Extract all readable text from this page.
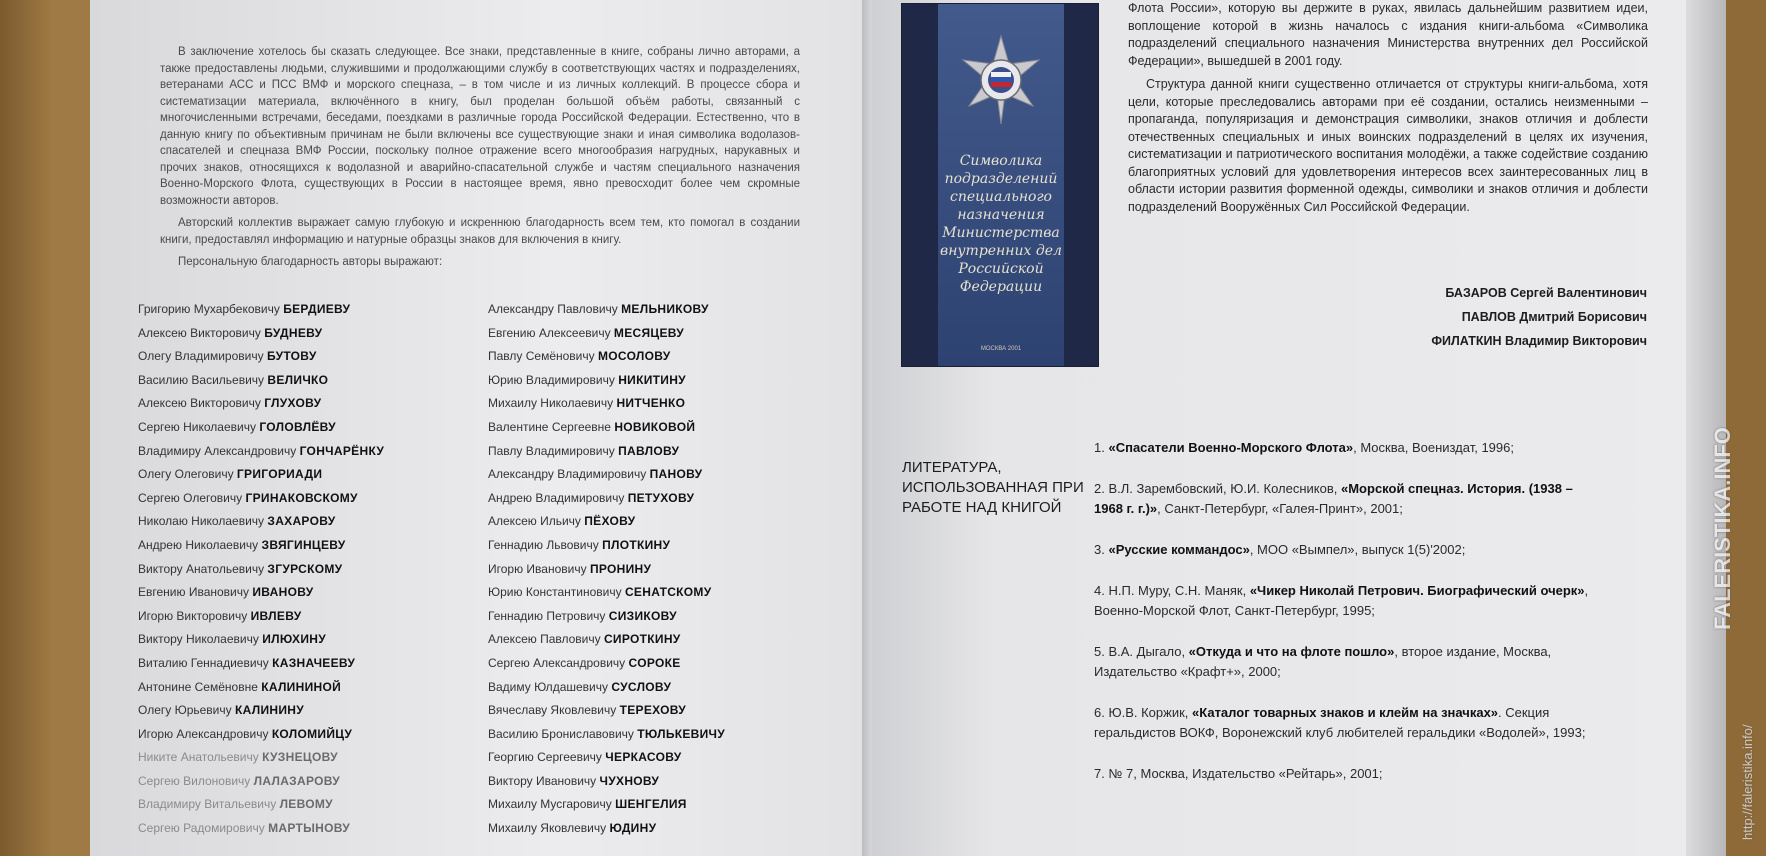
В заключение хотелось бы сказать следующее. Все знаки, представленные в книге, собраны лично авторами, а также предоставлены людьми, служившими и продолжающими службу в соответствующих частях и подразделениях, ветеранами АСС и ПСС ВМФ и морского спецназа, – в том числе и из личных коллекций. В процессе сбора и систематизации материала, включённого в книгу, был проделан большой объём работы, связанный с многочисленными встречами, беседами, поездками в различные города Российской Федерации. Естественно, что в данную книгу по объективным причинам не были включены все существующие знаки и иная символика водолазов-спасателей и спецназа ВМФ России, поскольку полное отражение всего многообразия нагрудных, нарукавных и прочих знаков, относящихся к водолазной и аварийно-спасательной службе и частям специального назначения Военно-Морского Флота, существующих в России в настоящее время, явно превосходит более чем скромные возможности авторов.

Авторский коллектив выражает самую глубокую и искреннюю благодарность всем тем, кто помогал в создании книги, предоставлял информацию и натурные образцы знаков для включения в книгу.

Персональную благодарность авторы выражают:

Григорию Мухарбековичу БЕРДИЕВУ
Алексею Викторовичу БУДНЕВУ
Олегу Владимировичу БУТОВУ
Василию Васильевичу ВЕЛИЧКО
Алексею Викторовичу ГЛУХОВУ
Сергею Николаевичу ГОЛОВЛЁВУ
Владимиру Александровичу ГОНЧАРЁНКУ
Олегу Олеговичу ГРИГОРИАДИ
Сергею Олеговичу ГРИНАКОВСКОМУ
Николаю Николаевичу ЗАХАРОВУ
Андрею Николаевичу ЗВЯГИНЦЕВУ
Виктору Анатольевичу ЗГУРСКОМУ
Евгению Ивановичу ИВАНОВУ
Игорю Викторовичу ИВЛЕВУ
Виктору Николаевичу ИЛЮХИНУ
Виталию Геннадиевичу КАЗНАЧЕЕВУ
Антонине Семёновне КАЛИНИНОЙ
Олегу Юрьевичу КАЛИНИНУ
Игорю Александровичу КОЛОМИЙЦУ
Никите Анатольевичу КУЗНЕЦОВУ
Сергею Вилоновичу ЛАЛАЗАРОВУ
Владимиру Витальевичу ЛЕВОМУ
Сергею Радомировичу МАРТЫНОВУ
Александру Павловичу МЕЛЬНИКОВУ
Евгению Алексеевичу МЕСЯЦЕВУ
Павлу Семёновичу МОСОЛОВУ
Юрию Владимировичу НИКИТИНУ
Михаилу Николаевичу НИТЧЕНКО
Валентине Сергеевне НОВИКОВОЙ
Павлу Владимировичу ПАВЛОВУ
Александру Владимировичу ПАНОВУ
Андрею Владимировичу ПЕТУХОВУ
Алексею Ильичу ПЁХОВУ
Геннадию Львовичу ПЛОТКИНУ
Игорю Ивановичу ПРОНИНУ
Юрию Константиновичу СЕНАТСКОМУ
Геннадию Петровичу СИЗИКОВУ
Алексею Павловичу СИРОТКИНУ
Сергею Александровичу СОРОКЕ
Вадиму Юлдашевичу СУСЛОВУ
Вячеславу Яковлевичу ТЕРЕХОВУ
Василию Брониславовичу ТЮЛЬКЕВИЧУ
Георгию Сергеевичу ЧЕРКАСОВУ
Виктору Ивановичу ЧУХНОВУ
Михаилу Мусгаровичу ШЕНГЕЛИЯ
Михаилу Яковлевичу ЮДИНУ
Символика подразделений специального назначения Министерства внутренних дел Российской Федерации
МОСКВА 2001

Флота России», которую вы держите в руках, явилась дальнейшим развитием идеи, воплощение которой в жизнь началось с издания книги-альбома «Символика подразделений специального назначения Министерства внутренних дел Российской Федерации», вышедшей в 2001 году.

Структура данной книги существенно отличается от структуры книги-альбома, хотя цели, которые преследовались авторами при её создании, остались неизменными – пропаганда, популяризация и демонстрация символики, знаков отличия и доблести отечественных специальных и иных воинских подразделений в целях их изучения, систематизации и патриотического воспитания молодёжи, а также содействие созданию благоприятных условий для удовлетворения интересов всех заинтересованных лиц в области истории развития форменной одежды, символики и знаков отличия и доблести подразделений Вооружённых Сил Российской Федерации.

БАЗАРОВ Сергей Валентинович
ПАВЛОВ Дмитрий Борисович
ФИЛАТКИН Владимир Викторович
ЛИТЕРАТУРА, ИСПОЛЬЗОВАННАЯ ПРИ РАБОТЕ НАД КНИГОЙ
1. «Спасатели Военно-Морского Флота», Москва, Воениздат, 1996;
2. В.Л. Зарембовский, Ю.И. Колесников, «Морской спецназ. История. (1938 – 1968 г. г.)», Санкт-Петербург, «Галея-Принт», 2001;
3. «Русские коммандос», МОО «Вымпел», выпуск 1(5)'2002;
4. Н.П. Муру, С.Н. Маняк, «Чикер Николай Петрович. Биографический очерк», Военно-Морской Флот, Санкт-Петербург, 1995;
5. В.А. Дыгало, «Откуда и что на флоте пошло», второе издание, Москва, Издательство «Крафт+», 2000;
6. Ю.В. Коржик, «Каталог товарных знаков и клейм на значках». Секция геральдистов ВОКФ, Воронежский клуб любителей геральдики «Водолей», 1993;
7. № 7, Москва, Издательство «Рейтарь», 2001;
FALERISTIKA.INFO
http://faleristika.info/
